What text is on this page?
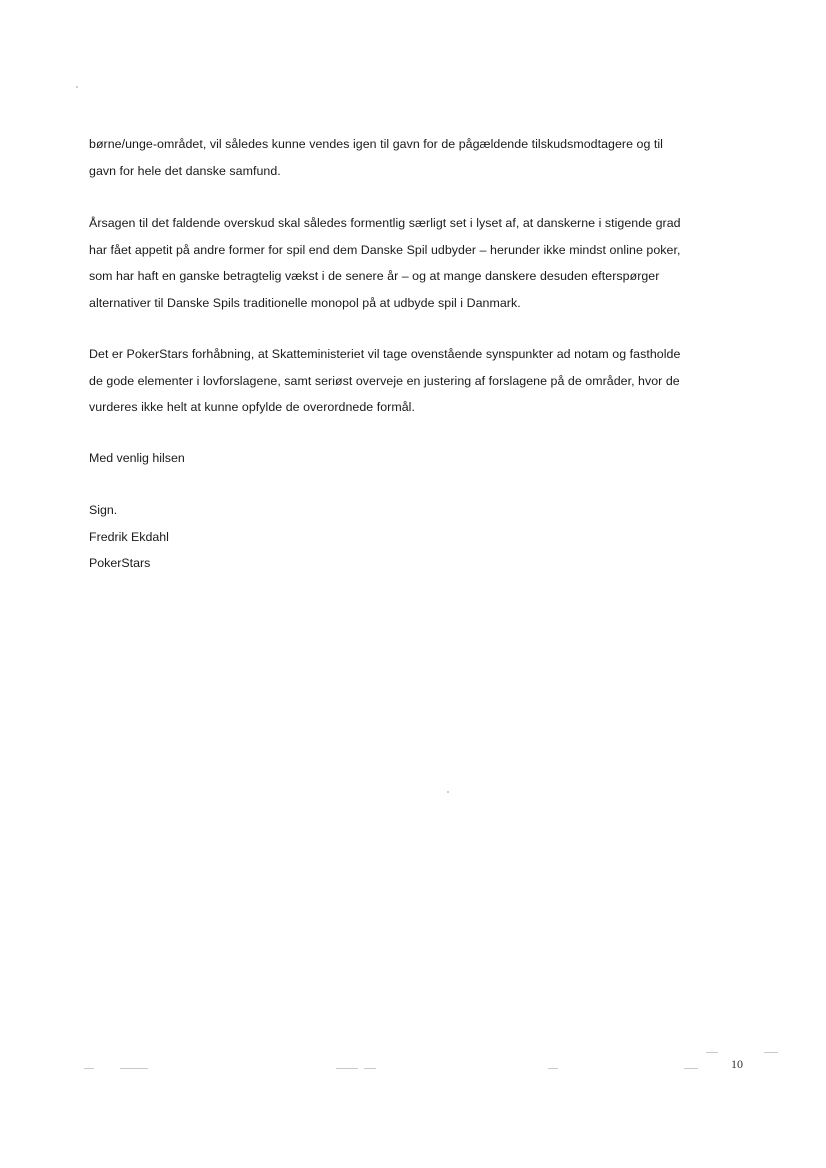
børne/unge-området, vil således kunne vendes igen til gavn for de pågældende tilskudsmodtagere og til
gavn for hele det danske samfund.
Årsagen til det faldende overskud skal således formentlig særligt set i lyset af, at danskerne i stigende grad
har fået appetit på andre former for spil end dem Danske Spil udbyder – herunder ikke mindst online poker,
som har haft en ganske betragtelig vækst i de senere år – og at mange danskere desuden efterspørger
alternativer til Danske Spils traditionelle monopol på at udbyde spil i Danmark.
Det er PokerStars forhåbning, at Skatteministeriet vil tage ovenstående synspunkter ad notam og fastholde
de gode elementer i lovforslagene, samt seriøst overveje en justering af forslagene på de områder, hvor de
vurderes ikke helt at kunne opfylde de overordnede formål.
Med venlig hilsen
Sign.
Fredrik Ekdahl
PokerStars
10
